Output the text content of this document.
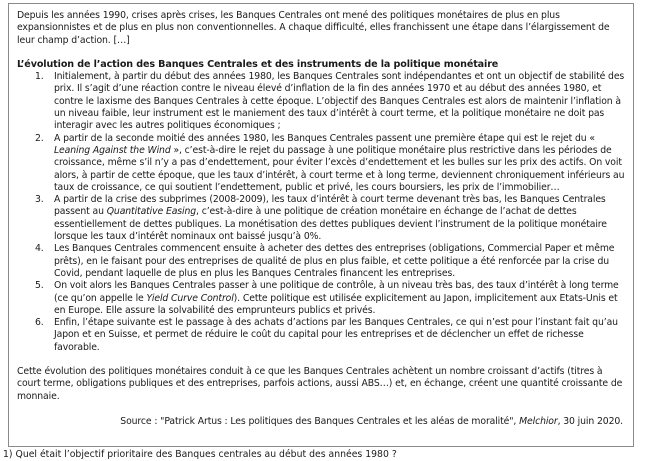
Depuis les années 1990, crises après crises, les Banques Centrales ont mené des politiques monétaires de plus en plus expansionnistes et de plus en plus non conventionnelles. A chaque difficulté, elles franchissent une étape dans l’élargissement de leur champ d’action. […]

L’évolution de l’action des Banques Centrales et des instruments de la politique monétaire

1. Initialement, à partir du début des années 1980, les Banques Centrales sont indépendantes et ont un objectif de stabilité des prix. Il s’agit d’une réaction contre le niveau élevé d’inflation de la fin des années 1970 et au début des années 1980, et contre le laxisme des Banques Centrales à cette époque. L’objectif des Banques Centrales est alors de maintenir l’inflation à un niveau faible, leur instrument est le maniement des taux d’intérêt à court terme, et la politique monétaire ne doit pas interagir avec les autres politiques économiques ;
2. A partir de la seconde moitié des années 1980, les Banques Centrales passent une première étape qui est le rejet du « Leaning Against the Wind », c’est-à-dire le rejet du passage à une politique monétaire plus restrictive dans les périodes de croissance, même s’il n’y a pas d’endettement, pour éviter l’excès d’endettement et les bulles sur les prix des actifs. On voit alors, à partir de cette époque, que les taux d’intérêt, à court terme et à long terme, deviennent chroniquement inférieurs au taux de croissance, ce qui soutient l’endettement, public et privé, les cours boursiers, les prix de l’immobilier…
3. A partir de la crise des subprimes (2008-2009), les taux d’intérêt à court terme devenant très bas, les Banques Centrales passent au Quantitative Easing, c’est-à-dire à une politique de création monétaire en échange de l’achat de dettes essentiellement de dettes publiques. La monétisation des dettes publiques devient l’instrument de la politique monétaire lorsque les taux d’intérêt nominaux ont baissé jusqu’à 0%.
4. Les Banques Centrales commencent ensuite à acheter des dettes des entreprises (obligations, Commercial Paper et même prêts), en le faisant pour des entreprises de qualité de plus en plus faible, et cette politique a été renforcée par la crise du Covid, pendant laquelle de plus en plus les Banques Centrales financent les entreprises.
5. On voit alors les Banques Centrales passer à une politique de contrôle, à un niveau très bas, des taux d’intérêt à long terme (ce qu’on appelle le Yield Curve Control). Cette politique est utilisée explicitement au Japon, implicitement aux Etats-Unis et en Europe. Elle assure la solvabilité des emprunteurs publics et privés.
6. Enfin, l’étape suivante est le passage à des achats d’actions par les Banques Centrales, ce qui n’est pour l’instant fait qu’au Japon et en Suisse, et permet de réduire le coût du capital pour les entreprises et de déclencher un effet de richesse favorable.

Cette évolution des politiques monétaires conduit à ce que les Banques Centrales achètent un nombre croissant d’actifs (titres à court terme, obligations publiques et des entreprises, parfois actions, aussi ABS…) et, en échange, créent une quantité croissante de monnaie.

Source : "Patrick Artus : Les politiques des Banques Centrales et les aléas de moralité", Melchior, 30 juin 2020.

1) Quel était l’objectif prioritaire des Banques centrales au début des années 1980 ?
